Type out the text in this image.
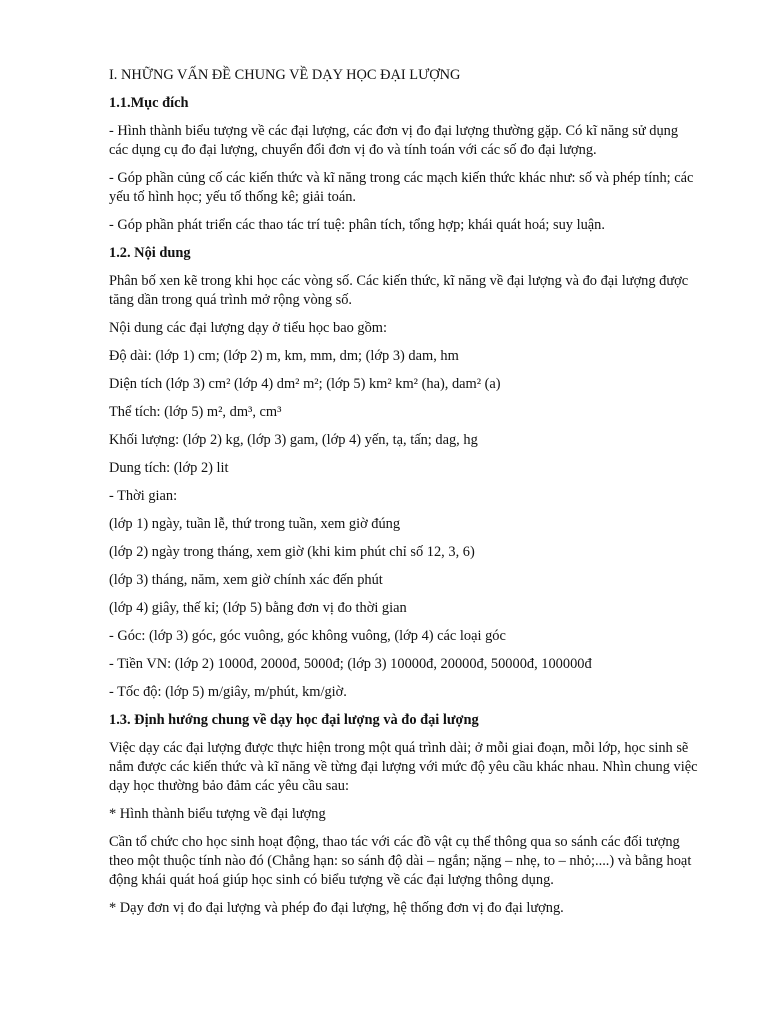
I. NHỮNG VẤN ĐỀ CHUNG VỀ DẠY HỌC ĐẠI LƯỢNG

1.1.Mục đích

- Hình thành biểu tượng về các đại lượng, các đơn vị đo đại lượng thường gặp. Có kĩ năng sử dụng các dụng cụ đo đại lượng, chuyển đổi đơn vị đo và tính toán với các số đo đại lượng.

- Góp phần củng cố các kiến thức và kĩ năng trong các mạch kiến thức khác như: số và phép tính; các yếu tố hình học; yếu tố thống kê; giải toán.

- Góp phần phát triển các thao tác trí tuệ: phân tích, tổng hợp; khái quát hoá; suy luận.

1.2. Nội dung

Phân bố xen kẽ trong khi học các vòng số. Các kiến thức, kĩ năng về đại lượng và đo đại lượng được tăng dần trong quá trình mở rộng vòng số.

Nội dung các đại lượng dạy ở tiểu học bao gồm:

Độ dài: (lớp 1) cm; (lớp 2) m, km, mm, dm; (lớp 3) dam, hm

Diện tích (lớp 3) cm² (lớp 4) dm² m²; (lớp 5) km² km² (ha), dam² (a)

Thể tích: (lớp 5) m², dm³, cm³

Khối lượng: (lớp 2) kg, (lớp 3) gam, (lớp 4) yến, tạ, tấn; dag, hg

Dung tích: (lớp 2) lit

- Thời gian:

(lớp 1) ngày, tuần lễ, thứ trong tuần, xem giờ đúng

(lớp 2) ngày trong tháng, xem giờ (khi kim phút chỉ số 12, 3, 6)

(lớp 3) tháng, năm, xem giờ chính xác đến phút

(lớp 4) giây, thế kỉ; (lớp 5) bằng đơn vị đo thời gian

- Góc: (lớp 3) góc, góc vuông, góc không vuông, (lớp 4) các loại góc

- Tiền VN: (lớp 2) 1000đ, 2000đ, 5000đ; (lớp 3) 10000đ, 20000đ, 50000đ, 100000đ

- Tốc độ: (lớp 5) m/giây, m/phút, km/giờ.

1.3. Định hướng chung về dạy học đại lượng và đo đại lượng

Việc dạy các đại lượng được thực hiện trong một quá trình dài; ở mỗi giai đoạn, mỗi lớp, học sinh sẽ nắm được các kiến thức và kĩ năng về từng đại lượng với mức độ yêu cầu khác nhau. Nhìn chung việc dạy học thường bảo đảm các yêu cầu sau:

* Hình thành biểu tượng về đại lượng

Cần tổ chức cho học sinh hoạt động, thao tác với các đồ vật cụ thể thông qua so sánh các đối tượng theo một thuộc tính nào đó (Chẳng hạn: so sánh độ dài – ngắn; nặng – nhẹ, to – nhỏ;....) và bằng hoạt động khái quát hoá giúp học sinh có biểu tượng về các đại lượng thông dụng.

* Dạy đơn vị đo đại lượng và phép đo đại lượng, hệ thống đơn vị đo đại lượng.
